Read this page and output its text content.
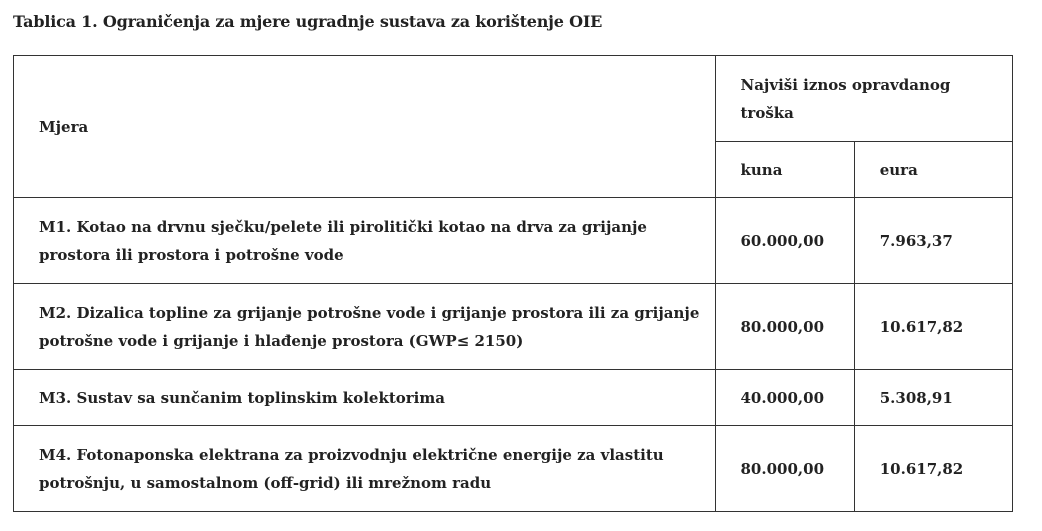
Tablica 1. Ograničenja za mjere ugradnje sustava za korištenje OIE
Mjera	Najviši iznos opravdanog troška	
	kuna	eura
M1. Kotao na drvnu sječku/pelete ili pirolitički kotao na drva za grijanje prostora ili prostora i potrošne vode	60.000,00	7.963,37
M2. Dizalica topline za grijanje potrošne vode i grijanje prostora ili za grijanje potrošne vode i grijanje i hlađenje prostora (GWP≤ 2150)	80.000,00	10.617,82
M3. Sustav sa sunčanim toplinskim kolektorima	40.000,00	5.308,91
M4. Fotonaponska elektrana za proizvodnju električne energije za vlastitu potrošnju, u samostalnom (off-grid) ili mrežnom radu	80.000,00	10.617,82
